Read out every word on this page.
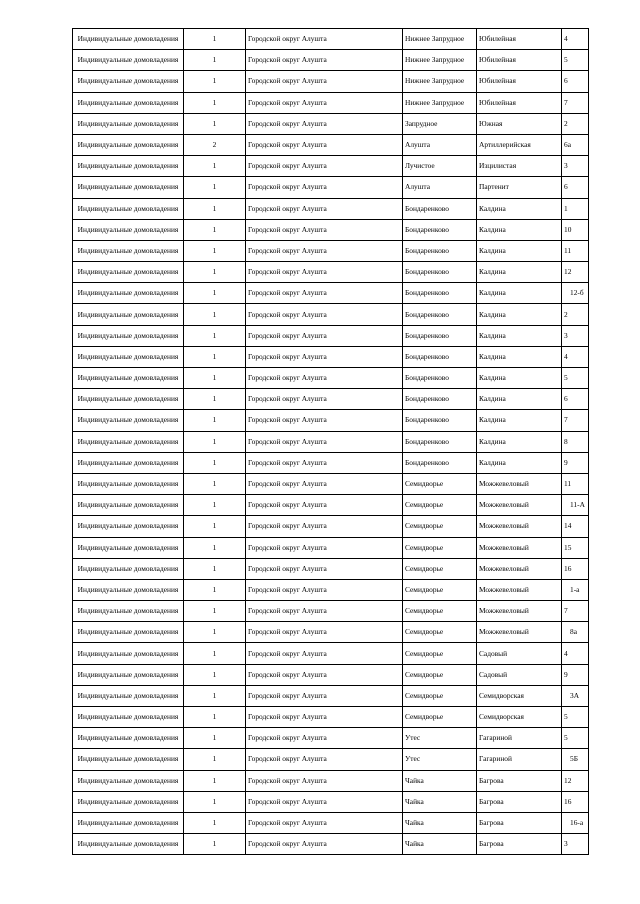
Индивидуальные домовладения	1	Городской округ Алушта	Нижнее Запрудное	Юбилейная	4
Индивидуальные домовладения	1	Городской округ Алушта	Нижнее Запрудное	Юбилейная	5
Индивидуальные домовладения	1	Городской округ Алушта	Нижнее Запрудное	Юбилейная	6
Индивидуальные домовладения	1	Городской округ Алушта	Нижнее Запрудное	Юбилейная	7
Индивидуальные домовладения	1	Городской округ Алушта	Запрудное	Южная	2
Индивидуальные домовладения	2	Городской округ Алушта	Алушта	Артиллерийская	6а
Индивидуальные домовладения	1	Городской округ Алушта	Лучистое	Изцилистая	3
Индивидуальные домовладения	1	Городской округ Алушта	Алушта	Партенит	6
Индивидуальные домовладения	1	Городской округ Алушта	Бондаренково	Калдина	1
Индивидуальные домовладения	1	Городской округ Алушта	Бондаренково	Калдина	10
Индивидуальные домовладения	1	Городской округ Алушта	Бондаренково	Калдина	11
Индивидуальные домовладения	1	Городской округ Алушта	Бондаренково	Калдина	12
Индивидуальные домовладения	1	Городской округ Алушта	Бондаренково	Калдина	12-б
Индивидуальные домовладения	1	Городской округ Алушта	Бондаренково	Калдина	2
Индивидуальные домовладения	1	Городской округ Алушта	Бондаренково	Калдина	3
Индивидуальные домовладения	1	Городской округ Алушта	Бондаренково	Калдина	4
Индивидуальные домовладения	1	Городской округ Алушта	Бондаренково	Калдина	5
Индивидуальные домовладения	1	Городской округ Алушта	Бондаренково	Калдина	6
Индивидуальные домовладения	1	Городской округ Алушта	Бондаренково	Калдина	7
Индивидуальные домовладения	1	Городской округ Алушта	Бондаренково	Калдина	8
Индивидуальные домовладения	1	Городской округ Алушта	Бондаренково	Калдина	9
Индивидуальные домовладения	1	Городской округ Алушта	Семидворье	Можжевеловый	11
Индивидуальные домовладения	1	Городской округ Алушта	Семидворье	Можжевеловый	11-А
Индивидуальные домовладения	1	Городской округ Алушта	Семидворье	Можжевеловый	14
Индивидуальные домовладения	1	Городской округ Алушта	Семидворье	Можжевеловый	15
Индивидуальные домовладения	1	Городской округ Алушта	Семидворье	Можжевеловый	16
Индивидуальные домовладения	1	Городской округ Алушта	Семидворье	Можжевеловый	1-а
Индивидуальные домовладения	1	Городской округ Алушта	Семидворье	Можжевеловый	7
Индивидуальные домовладения	1	Городской округ Алушта	Семидворье	Можжевеловый	8а
Индивидуальные домовладения	1	Городской округ Алушта	Семидворье	Садовый	4
Индивидуальные домовладения	1	Городской округ Алушта	Семидворье	Садовый	9
Индивидуальные домовладения	1	Городской округ Алушта	Семидворье	Семидворская	3А
Индивидуальные домовладения	1	Городской округ Алушта	Семидворье	Семидворская	5
Индивидуальные домовладения	1	Городской округ Алушта	Утес	Гагариной	5
Индивидуальные домовладения	1	Городской округ Алушта	Утес	Гагариной	5Б
Индивидуальные домовладения	1	Городской округ Алушта	Чайка	Багрова	12
Индивидуальные домовладения	1	Городской округ Алушта	Чайка	Багрова	16
Индивидуальные домовладения	1	Городской округ Алушта	Чайка	Багрова	16-а
Индивидуальные домовладения	1	Городской округ Алушта	Чайка	Багрова	3
